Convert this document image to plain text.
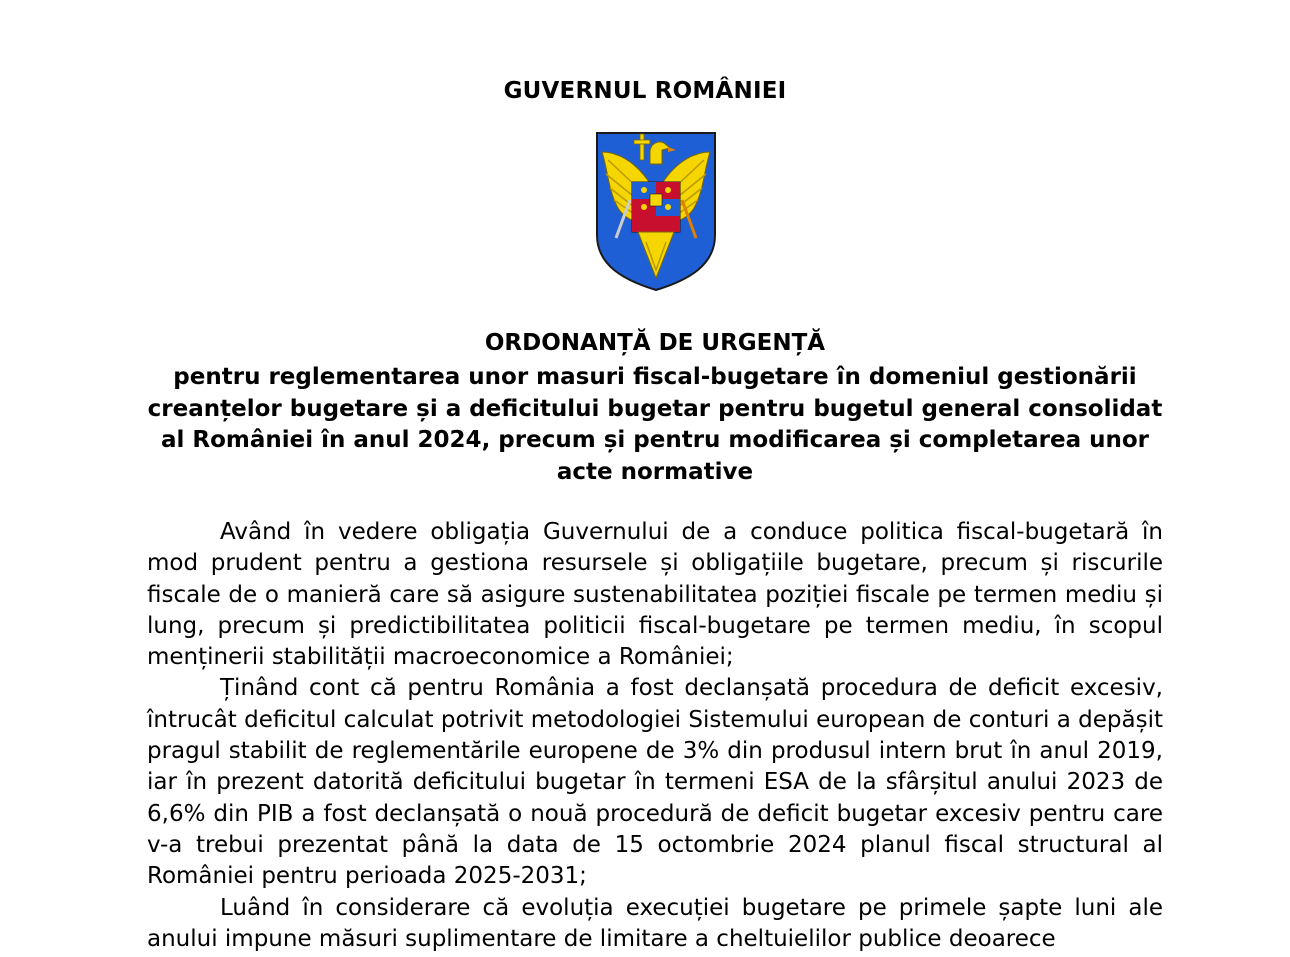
GUVERNUL ROMÂNIEI
ORDONANȚĂ DE URGENȚĂ
pentru reglementarea unor masuri fiscal-bugetare în domeniul gestionării creanțelor bugetare și a deficitului bugetar pentru bugetul general consolidat al României în anul 2024, precum și pentru modificarea și completarea unor acte normative

Având în vedere obligația Guvernului de a conduce politica fiscal-bugetară în mod prudent pentru a gestiona resursele și obligațiile bugetare, precum și riscurile fiscale de o manieră care să asigure sustenabilitatea poziției fiscale pe termen mediu și lung, precum și predictibilitatea politicii fiscal-bugetare pe termen mediu, în scopul menținerii stabilității macroeconomice a României;

Ținând cont că pentru România a fost declanșată procedura de deficit excesiv, întrucât deficitul calculat potrivit metodologiei Sistemului european de conturi a depășit pragul stabilit de reglementările europene de 3% din produsul intern brut în anul 2019, iar în prezent datorită deficitului bugetar în termeni ESA de la sfârșitul anului 2023 de 6,6% din PIB a fost declanșată o nouă procedură de deficit bugetar excesiv pentru care v-a trebui prezentat până la data de 15 octombrie 2024 planul fiscal structural al României pentru perioada 2025-2031;

Luând în considerare că evoluția execuției bugetare pe primele șapte luni ale anului impune măsuri suplimentare de limitare a cheltuielilor publice deoarece
